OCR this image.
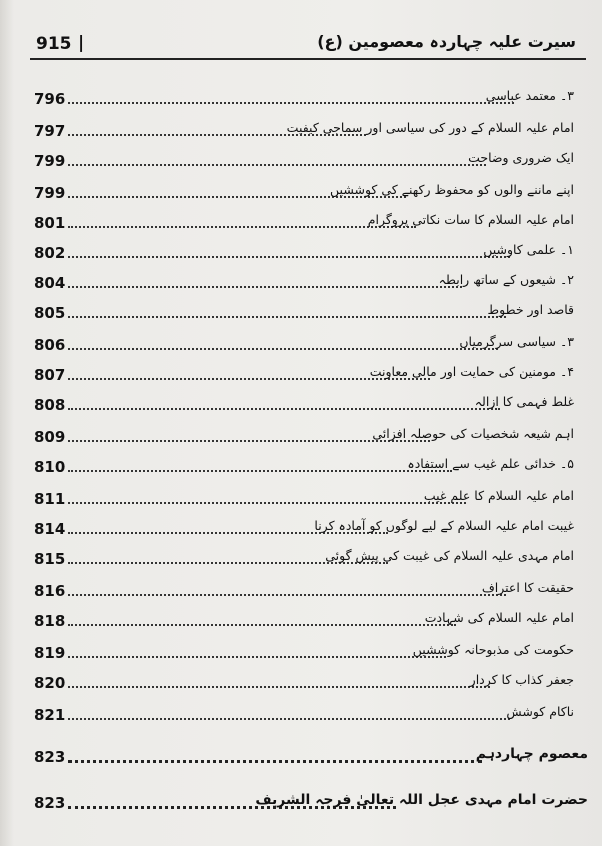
915 |	سیرت علیہ چہاردہ معصومین (ع)
796	۳۔ معتمد عباسی
797	امام علیہ السلام کے دور کی سیاسی اور سماجی کیفیت
799	ایک ضروری وضاحت
799	اپنے ماننے والوں کو محفوظ رکھنے کی کوششیں
801	امام علیہ السلام کا سات نکاتی پروگرام
802	۱۔ علمی کاوشیں
804	۲۔ شیعوں کے ساتھ رابطہ
805	قاصد اور خطوط
806	۳۔ سیاسی سرگرمیاں
807	۴۔ مومنین کی حمایت اور مالی معاونت
808	غلط فہمی کا ازالہ
809	اہم شیعہ شخصیات کی حوصلہ افزائی
810	۵۔ خدائی علم غیب سے استفادہ
811	امام علیہ السلام کا علم غیب
814	غیبت امام علیہ السلام کے لیے لوگوں کو آمادہ کرنا
815	امام مہدی علیہ السلام کی غیبت کی پیش گوئی
816	حقیقت کا اعتراف
818	امام علیہ السلام کی شہادت
819	حکومت کی مذبوحانہ کوششیں
820	جعفر کذاب کا کردار
821	ناکام کوشش
823	معصوم چہاردہم
823	حضرت امام مہدی عجل اللہ تعالیٰ فرجہ الشریف
